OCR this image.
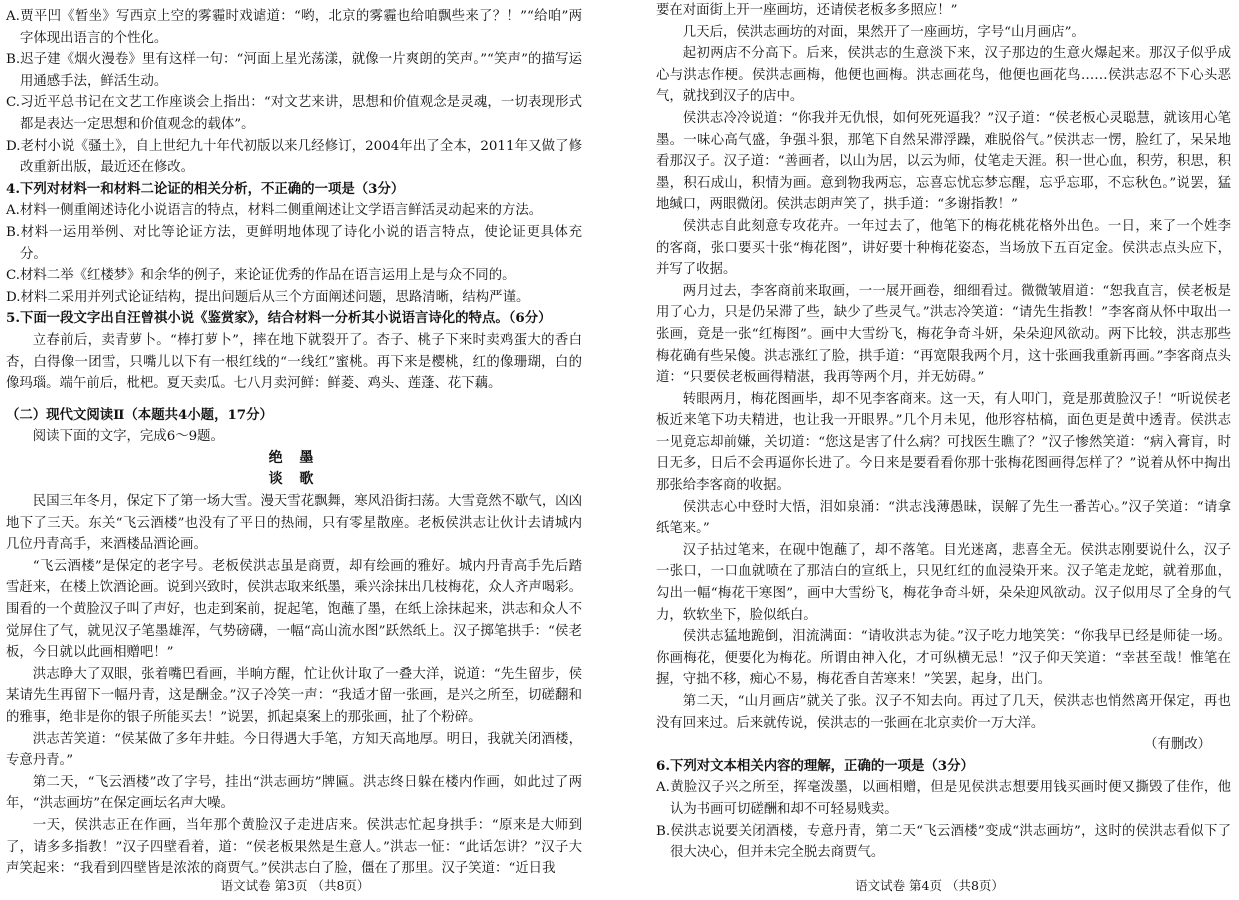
A.贾平凹《暂坐》写西京上空的雾霾时戏谑道：“哟，北京的雾霾也给咱飘些来了？！”“给咱”两字体现出语言的个性化。

B.迟子建《烟火漫卷》里有这样一句：“河面上星光荡漾，就像一片爽朗的笑声。”“笑声”的描写运用通感手法，鲜活生动。

C.习近平总书记在文艺工作座谈会上指出：“对文艺来讲，思想和价值观念是灵魂，一切表现形式都是表达一定思想和价值观念的载体”。

D.老村小说《骚土》，自上世纪九十年代初版以来几经修订，2004年出了全本，2011年又做了修改重新出版，最近还在修改。

4.下列对材料一和材料二论证的相关分析，不正确的一项是（3分）

A.材料一侧重阐述诗化小说语言的特点，材料二侧重阐述让文学语言鲜活灵动起来的方法。

B.材料一运用举例、对比等论证方法，更鲜明地体现了诗化小说的语言特点，使论证更具体充分。

C.材料二举《红楼梦》和余华的例子，来论证优秀的作品在语言运用上是与众不同的。

D.材料二采用并列式论证结构，提出问题后从三个方面阐述问题，思路清晰，结构严谨。

5.下面一段文字出自汪曾祺小说《鉴赏家》，结合材料一分析其小说语言诗化的特点。（6分）

立春前后，卖青萝卜。“棒打萝卜”，摔在地下就裂开了。杏子、桃子下来时卖鸡蛋大的香白杏，白得像一团雪，只嘴儿以下有一根红线的“一线红”蜜桃。再下来是樱桃，红的像珊瑚，白的像玛瑙。端午前后，枇杷。夏天卖瓜。七八月卖河鲜：鲜菱、鸡头、莲蓬、花下藕。

（二）现代文阅读Ⅱ（本题共4小题，17分）

阅读下面的文字，完成6～9题。

绝 墨

谈 歌

民国三年冬月，保定下了第一场大雪。漫天雪花飘舞，寒风沿街扫荡。大雪竟然不歇气，凶凶地下了三天。东关“飞云酒楼”也没有了平日的热闹，只有零星散座。老板侯洪志让伙计去请城内几位丹青高手，来酒楼品酒论画。

“飞云酒楼”是保定的老字号。老板侯洪志虽是商贾，却有绘画的雅好。城内丹青高手先后踏雪赶来，在楼上饮酒论画。说到兴致时，侯洪志取来纸墨，乘兴涂抹出几枝梅花，众人齐声喝彩。围看的一个黄脸汉子叫了声好，也走到案前，捉起笔，饱蘸了墨，在纸上涂抹起来，洪志和众人不觉屏住了气，就见汉子笔墨雄浑，气势磅礴，一幅“高山流水图”跃然纸上。汉子掷笔拱手：“侯老板，今日就以此画相赠吧！”

洪志睁大了双眼，张着嘴巴看画，半晌方醒，忙让伙计取了一叠大洋，说道：“先生留步，侯某请先生再留下一幅丹青，这是酬金。”汉子冷笑一声：“我适才留一张画，是兴之所至，切磋翻和的雅事，绝非是你的银子所能买去！”说罢，抓起桌案上的那张画，扯了个粉碎。

洪志苦笑道：“侯某做了多年井蛙。今日得遇大手笔，方知天高地厚。明日，我就关闭酒楼，专意丹青。”

第二天，“飞云酒楼”改了字号，挂出“洪志画坊”牌匾。洪志终日躲在楼内作画，如此过了两年，“洪志画坊”在保定画坛名声大噪。

一天，侯洪志正在作画，当年那个黄脸汉子走进店来。侯洪志忙起身拱手：“原来是大师到了，请多多指教！”汉子四壁看着，道：“侯老板果然是生意人。”洪志一怔：“此话怎讲？”汉子大声笑起来：“我看到四壁皆是浓浓的商贾气。”侯洪志白了脸，僵在了那里。汉子笑道：“近日我

语文试卷 第3页 （共8页）

要在对面街上开一座画坊，还请侯老板多多照应！”

几天后，侯洪志画坊的对面，果然开了一座画坊，字号“山月画店”。

起初两店不分高下。后来，侯洪志的生意淡下来，汉子那边的生意火爆起来。那汉子似乎成心与洪志作梗。侯洪志画梅，他便也画梅。洪志画花鸟，他便也画花鸟……侯洪志忍不下心头恶气，就找到汉子的店中。

侯洪志冷冷说道：“你我并无仇恨，如何死死逼我？”汉子道：“侯老板心灵聪慧，就该用心笔墨。一味心高气盛，争强斗狠，那笔下自然呆滞浮躁，难脱俗气。”侯洪志一愣，脸红了，呆呆地看那汉子。汉子道：“善画者，以山为居，以云为师，仗笔走天涯。积一世心血，积劳，积思，积墨，积石成山，积情为画。意到物我两忘，忘喜忘忧忘梦忘醒，忘乎忘耶，不忘秋色。”说罢，猛地缄口，两眼微闭。侯洪志朗声笑了，拱手道：“多谢指教！”

侯洪志自此刻意专攻花卉。一年过去了，他笔下的梅花桃花格外出色。一日，来了一个姓李的客商，张口要买十张“梅花图”，讲好要十种梅花姿态，当场放下五百定金。侯洪志点头应下，并写了收据。

两月过去，李客商前来取画，一一展开画卷，细细看过。微微皱眉道：“恕我直言，侯老板是用了心力，只是仍呆滞了些，缺少了些灵气。”洪志冷笑道：“请先生指教！”李客商从怀中取出一张画，竟是一张“红梅图”。画中大雪纷飞，梅花争奇斗妍，朵朵迎风欲动。两下比较，洪志那些梅花确有些呆傻。洪志涨红了脸，拱手道：“再宽限我两个月，这十张画我重新再画。”李客商点头道：“只要侯老板画得精湛，我再等两个月，并无妨碍。”

转眼两月，梅花图画毕，却不见李客商来。这一天，有人叩门，竟是那黄脸汉子！“听说侯老板近来笔下功夫精进，也让我一开眼界。”几个月未见，他形容枯槁，面色更是黄中透青。侯洪志一见竟忘却前嫌，关切道：“您这是害了什么病？可找医生瞧了？”汉子惨然笑道：“病入膏肓，时日无多，日后不会再逼你长进了。今日来是要看看你那十张梅花图画得怎样了？”说着从怀中掏出那张给李客商的收据。

侯洪志心中登时大悟，泪如泉涌：“洪志浅薄愚昧，误解了先生一番苦心。”汉子笑道：“请拿纸笔来。”

汉子拈过笔来，在砚中饱蘸了，却不落笔。目光迷离，悲喜全无。侯洪志刚要说什么，汉子一张口，一口血就喷在了那洁白的宣纸上，只见红红的血浸染开来。汉子笔走龙蛇，就着那血，勾出一幅“梅花干寒图”，画中大雪纷飞，梅花争奇斗妍，朵朵迎风欲动。汉子似用尽了全身的气力，软软坐下，脸似纸白。

侯洪志猛地跪倒，泪流满面：“请收洪志为徒。”汉子吃力地笑笑：“你我早已经是师徒一场。你画梅花，便要化为梅花。所谓由神入化，才可纵横无忌！”汉子仰天笑道：“幸甚至哉！惟笔在握，守拙不移，痴心不易，梅花香自苦寒来！”笑罢，起身，出门。

第二天，“山月画店”就关了张。汉子不知去向。再过了几天，侯洪志也悄然离开保定，再也没有回来过。后来就传说，侯洪志的一张画在北京卖价一万大洋。

（有删改）

6.下列对文本相关内容的理解，正确的一项是（3分）

A.黄脸汉子兴之所至，挥毫泼墨，以画相赠，但是见侯洪志想要用钱买画时便又撕毁了佳作，他认为书画可切磋酬和却不可轻易贱卖。

B.侯洪志说要关闭酒楼，专意丹青，第二天“飞云酒楼”变成“洪志画坊”，这时的侯洪志看似下了很大决心，但并未完全脱去商贾气。

语文试卷 第4页 （共8页）
